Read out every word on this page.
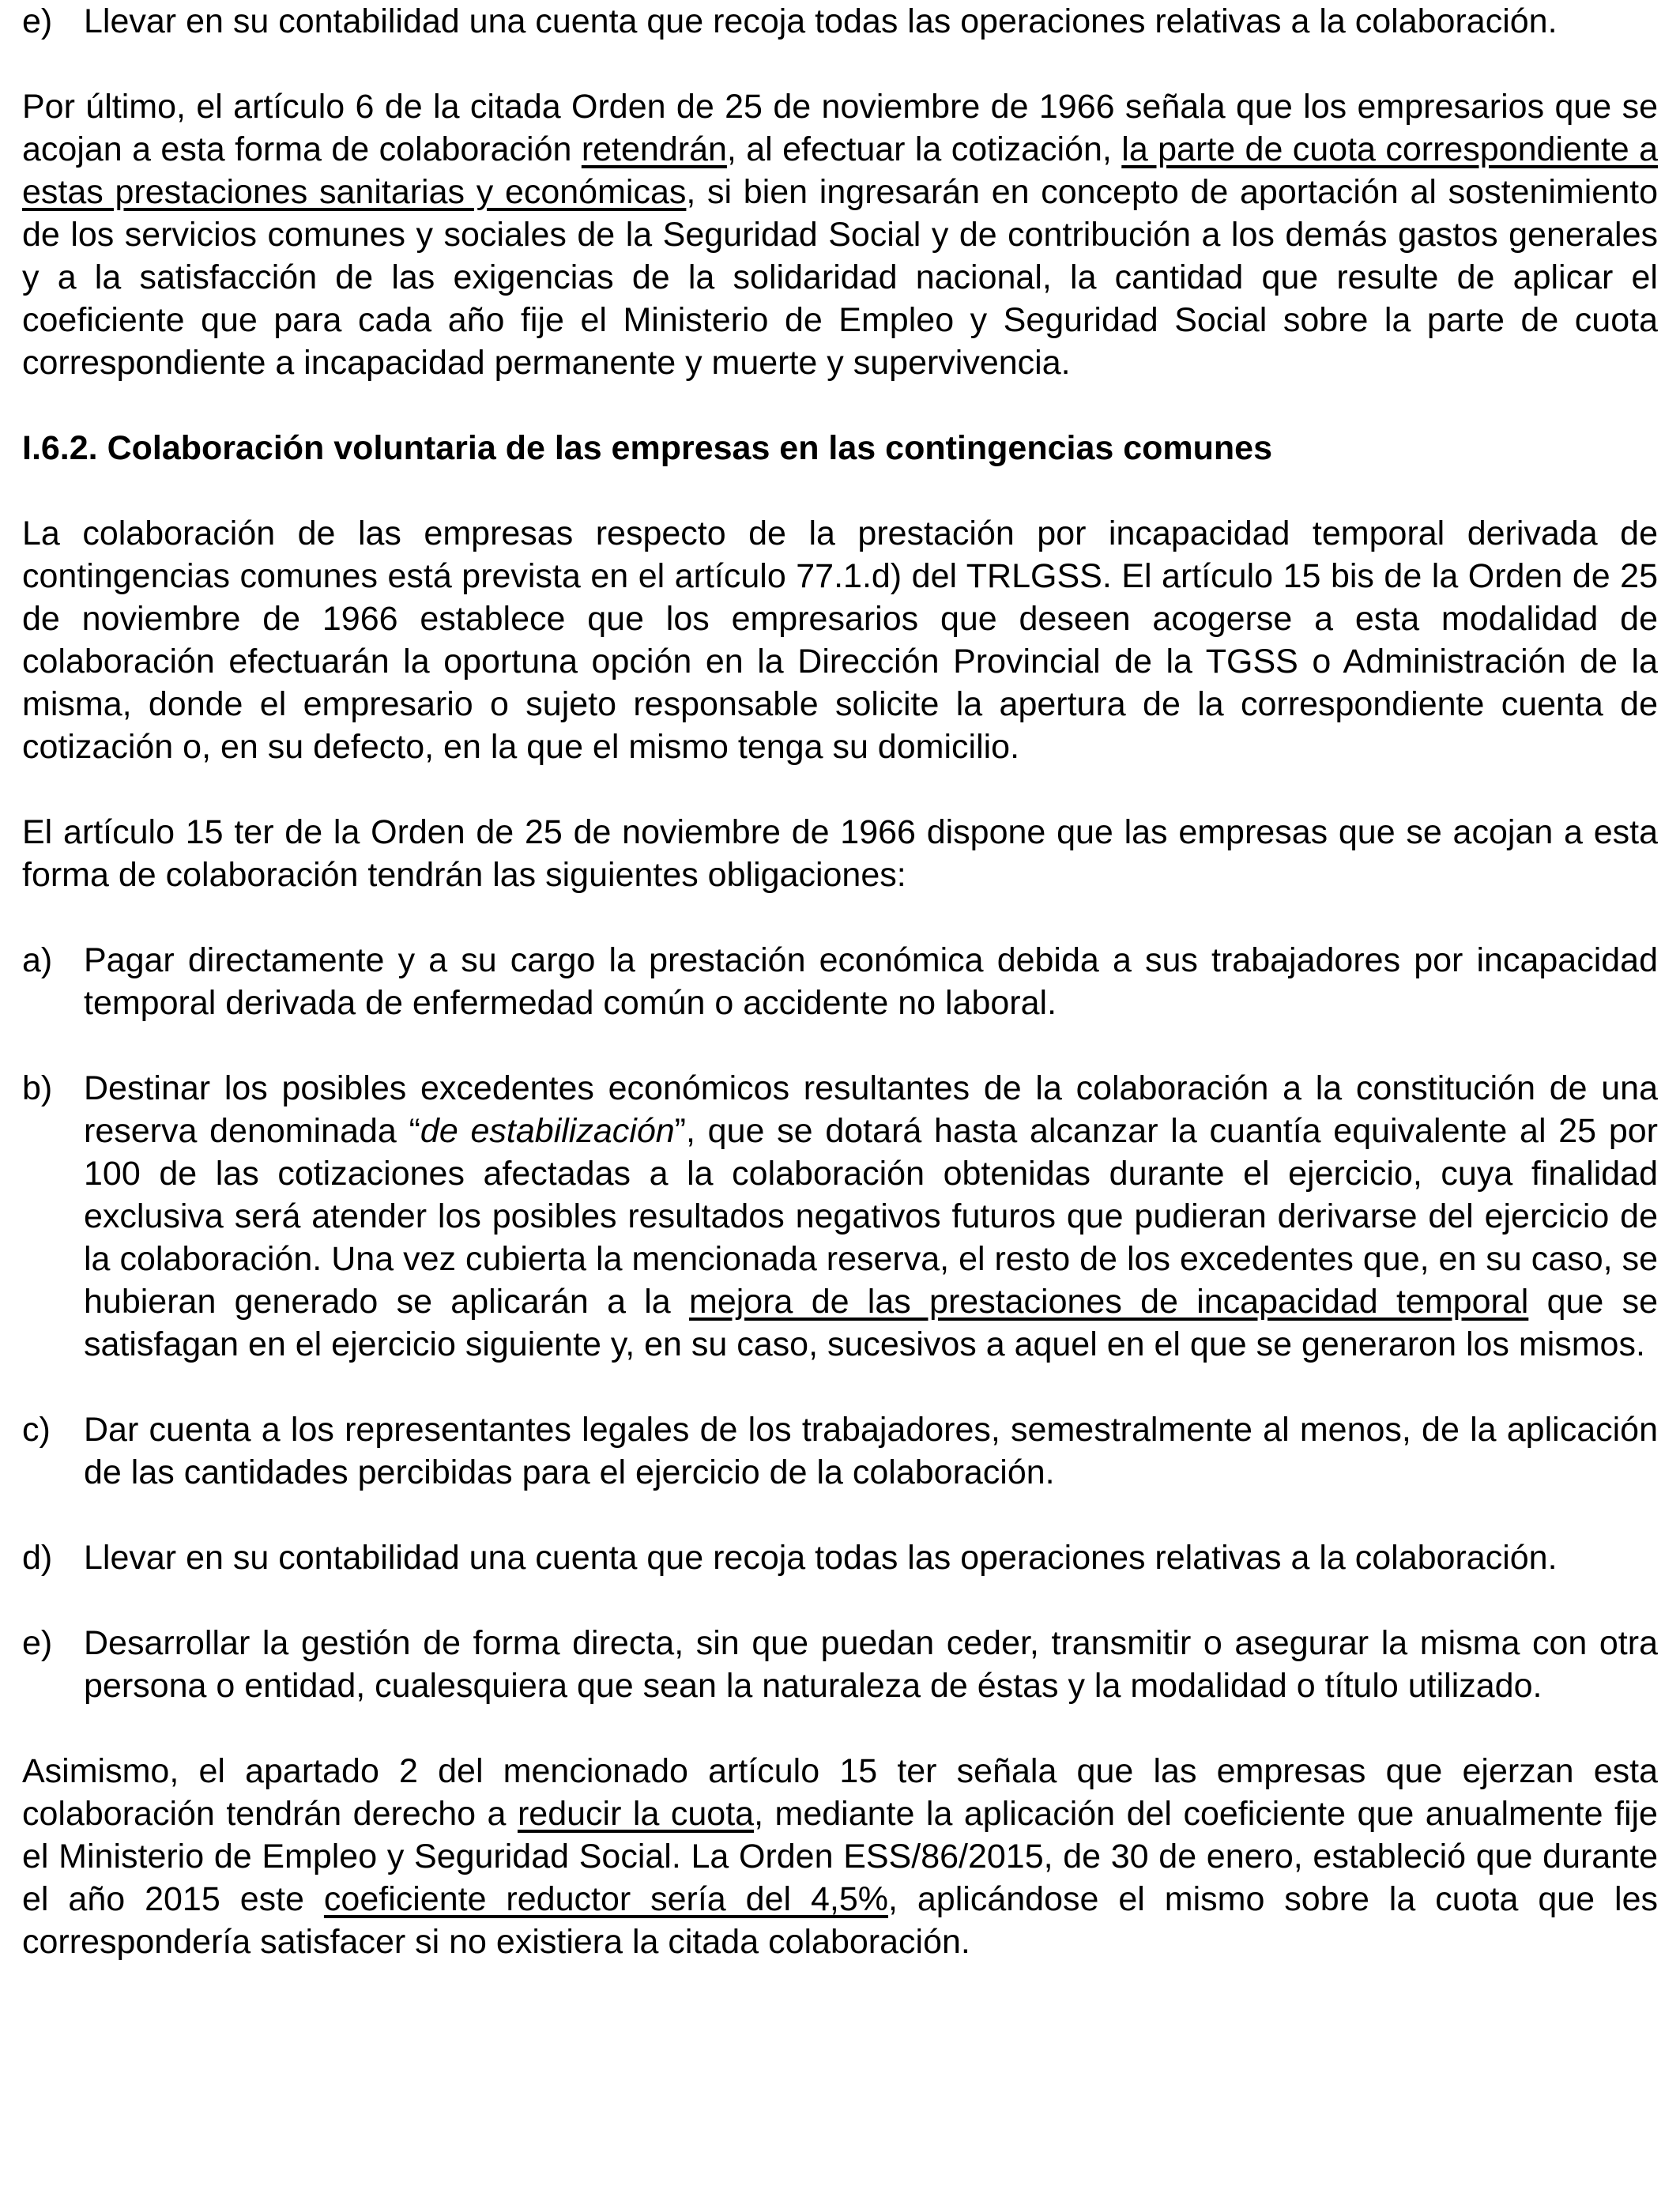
e) Llevar en su contabilidad una cuenta que recoja todas las operaciones relativas a la colaboración.

Por último, el artículo 6 de la citada Orden de 25 de noviembre de 1966 señala que los empresarios que se acojan a esta forma de colaboración retendrán, al efectuar la cotización, la parte de cuota correspondiente a estas prestaciones sanitarias y económicas, si bien ingresarán en concepto de aportación al sostenimiento de los servicios comunes y sociales de la Seguridad Social y de contribución a los demás gastos generales y a la satisfacción de las exigencias de la solidaridad nacional, la cantidad que resulte de aplicar el coeficiente que para cada año fije el Ministerio de Empleo y Seguridad Social sobre la parte de cuota correspondiente a incapacidad permanente y muerte y supervivencia.

I.6.2. Colaboración voluntaria de las empresas en las contingencias comunes

La colaboración de las empresas respecto de la prestación por incapacidad temporal derivada de contingencias comunes está prevista en el artículo 77.1.d) del TRLGSS. El artículo 15 bis de la Orden de 25 de noviembre de 1966 establece que los empresarios que deseen acogerse a esta modalidad de colaboración efectuarán la oportuna opción en la Dirección Provincial de la TGSS o Administración de la misma, donde el empresario o sujeto responsable solicite la apertura de la correspondiente cuenta de cotización o, en su defecto, en la que el mismo tenga su domicilio.

El artículo 15 ter de la Orden de 25 de noviembre de 1966 dispone que las empresas que se acojan a esta forma de colaboración tendrán las siguientes obligaciones:

a) Pagar directamente y a su cargo la prestación económica debida a sus trabajadores por incapacidad temporal derivada de enfermedad común o accidente no laboral.
b) Destinar los posibles excedentes económicos resultantes de la colaboración a la constitución de una reserva denominada “de estabilización”, que se dotará hasta alcanzar la cuantía equivalente al 25 por 100 de las cotizaciones afectadas a la colaboración obtenidas durante el ejercicio, cuya finalidad exclusiva será atender los posibles resultados negativos futuros que pudieran derivarse del ejercicio de la colaboración. Una vez cubierta la mencionada reserva, el resto de los excedentes que, en su caso, se hubieran generado se aplicarán a la mejora de las prestaciones de incapacidad temporal que se satisfagan en el ejercicio siguiente y, en su caso, sucesivos a aquel en el que se generaron los mismos.
c) Dar cuenta a los representantes legales de los trabajadores, semestralmente al menos, de la aplicación de las cantidades percibidas para el ejercicio de la colaboración.
d) Llevar en su contabilidad una cuenta que recoja todas las operaciones relativas a la colaboración.
e) Desarrollar la gestión de forma directa, sin que puedan ceder, transmitir o asegurar la misma con otra persona o entidad, cualesquiera que sean la naturaleza de éstas y la modalidad o título utilizado.

Asimismo, el apartado 2 del mencionado artículo 15 ter señala que las empresas que ejerzan esta colaboración tendrán derecho a reducir la cuota, mediante la aplicación del coeficiente que anualmente fije el Ministerio de Empleo y Seguridad Social. La Orden ESS/86/2015, de 30 de enero, estableció que durante el año 2015 este coeficiente reductor sería del 4,5%, aplicándose el mismo sobre la cuota que les correspondería satisfacer si no existiera la citada colaboración.
